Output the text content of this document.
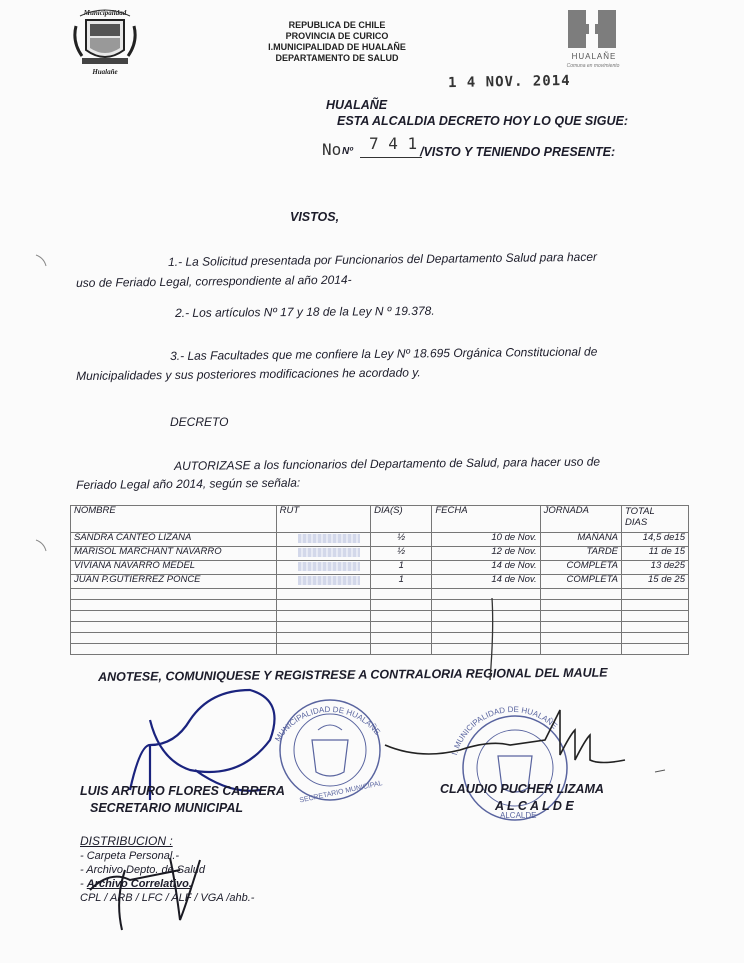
Municipalidad
Hualañe
REPUBLICA DE CHILE
PROVINCIA DE CURICO
I.MUNICIPALIDAD DE HUALAÑE
DEPARTAMENTO DE SALUD
H
HUALAÑE
Comuna en movimiento
1 4 NOV. 2014
HUALAÑE
ESTA ALCALDIA DECRETO HOY LO QUE SIGUE:
No Nº 7 4 1 /VISTO Y TENIENDO PRESENTE:
VISTOS,
1.- La Solicitud presentada por Funcionarios del Departamento Salud para hacer
uso de Feriado Legal, correspondiente al año 2014-
2.- Los artículos Nº 17 y 18 de la Ley N º 19.378.
3.- Las Facultades que me confiere la Ley Nº 18.695 Orgánica Constitucional de
Municipalidades y sus posteriores modificaciones he acordado y.
DECRETO
AUTORIZASE a los funcionarios del Departamento de Salud, para hacer uso de
Feriado Legal año 2014, según se señala:
NOMBRE	RUT	DIA(S)	FECHA	JORNADA	TOTAL
DIAS
SANDRA CANTEO LIZANA		½	10 de Nov.	MAÑANA	14,5 de15
MARISOL MARCHANT NAVARRO		½	12 de Nov.	TARDE	11 de 15
VIVIANA NAVARRO MEDEL		1	14 de Nov.	COMPLETA	13 de25
JUAN P.GUTIERREZ PONCE		1	14 de Nov.	COMPLETA	15 de 25

ANOTESE, COMUNIQUESE Y REGISTRESE A CONTRALORIA REGIONAL DEL MAULE
MUNICIPALIDAD DE HUALAÑE
SECRETARIO MUNICIPAL
I. MUNICIPALIDAD DE HUALAÑE
ALCALDE
LUIS ARTURO FLORES CABRERA
SECRETARIO MUNICIPAL
CLAUDIO PUCHER LIZAMA
A L C A L D E
DISTRIBUCION :
- Carpeta Personal.-
- Archivo Depto. de Salud
- Archivo Correlativo.
CPL / ARB / LFC / ALF / VGA /ahb.-
